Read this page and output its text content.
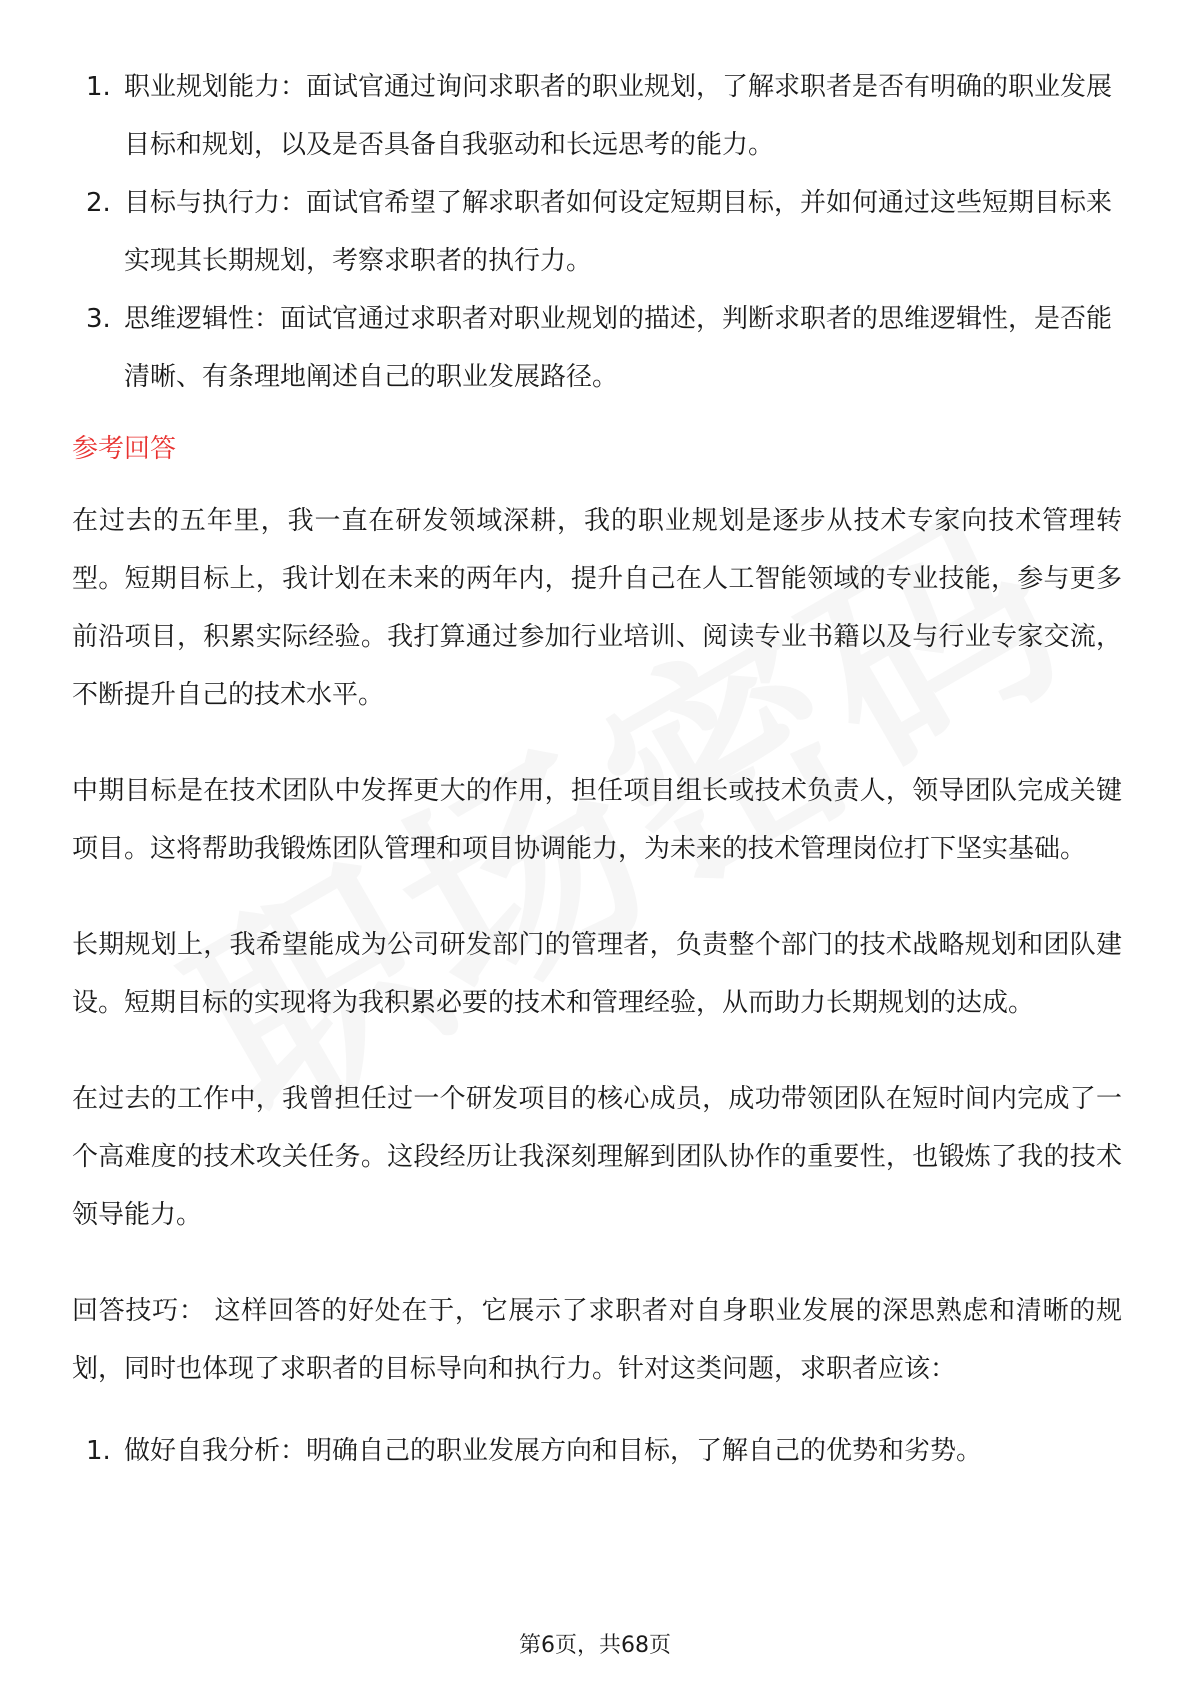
1. 职业规划能力：面试官通过询问求职者的职业规划，了解求职者是否有明确的职业发展目标和规划，以及是否具备自我驱动和长远思考的能力。
2. 目标与执行力：面试官希望了解求职者如何设定短期目标，并如何通过这些短期目标来实现其长期规划，考察求职者的执行力。
3. 思维逻辑性：面试官通过求职者对职业规划的描述，判断求职者的思维逻辑性，是否能清晰、有条理地阐述自己的职业发展路径。
参考回答

在过去的五年里，我一直在研发领域深耕，我的职业规划是逐步从技术专家向技术管理转型。短期目标上，我计划在未来的两年内，提升自己在人工智能领域的专业技能，参与更多前沿项目，积累实际经验。我打算通过参加行业培训、阅读专业书籍以及与行业专家交流，不断提升自己的技术水平。

中期目标是在技术团队中发挥更大的作用，担任项目组长或技术负责人，领导团队完成关键项目。这将帮助我锻炼团队管理和项目协调能力，为未来的技术管理岗位打下坚实基础。

长期规划上，我希望能成为公司研发部门的管理者，负责整个部门的技术战略规划和团队建设。短期目标的实现将为我积累必要的技术和管理经验，从而助力长期规划的达成。

在过去的工作中，我曾担任过一个研发项目的核心成员，成功带领团队在短时间内完成了一个高难度的技术攻关任务。这段经历让我深刻理解到团队协作的重要性，也锻炼了我的技术领导能力。

回答技巧： 这样回答的好处在于，它展示了求职者对自身职业发展的深思熟虑和清晰的规划，同时也体现了求职者的目标导向和执行力。针对这类问题，求职者应该：

1. 做好自我分析：明确自己的职业发展方向和目标，了解自己的优势和劣势。
第6页，共68页
